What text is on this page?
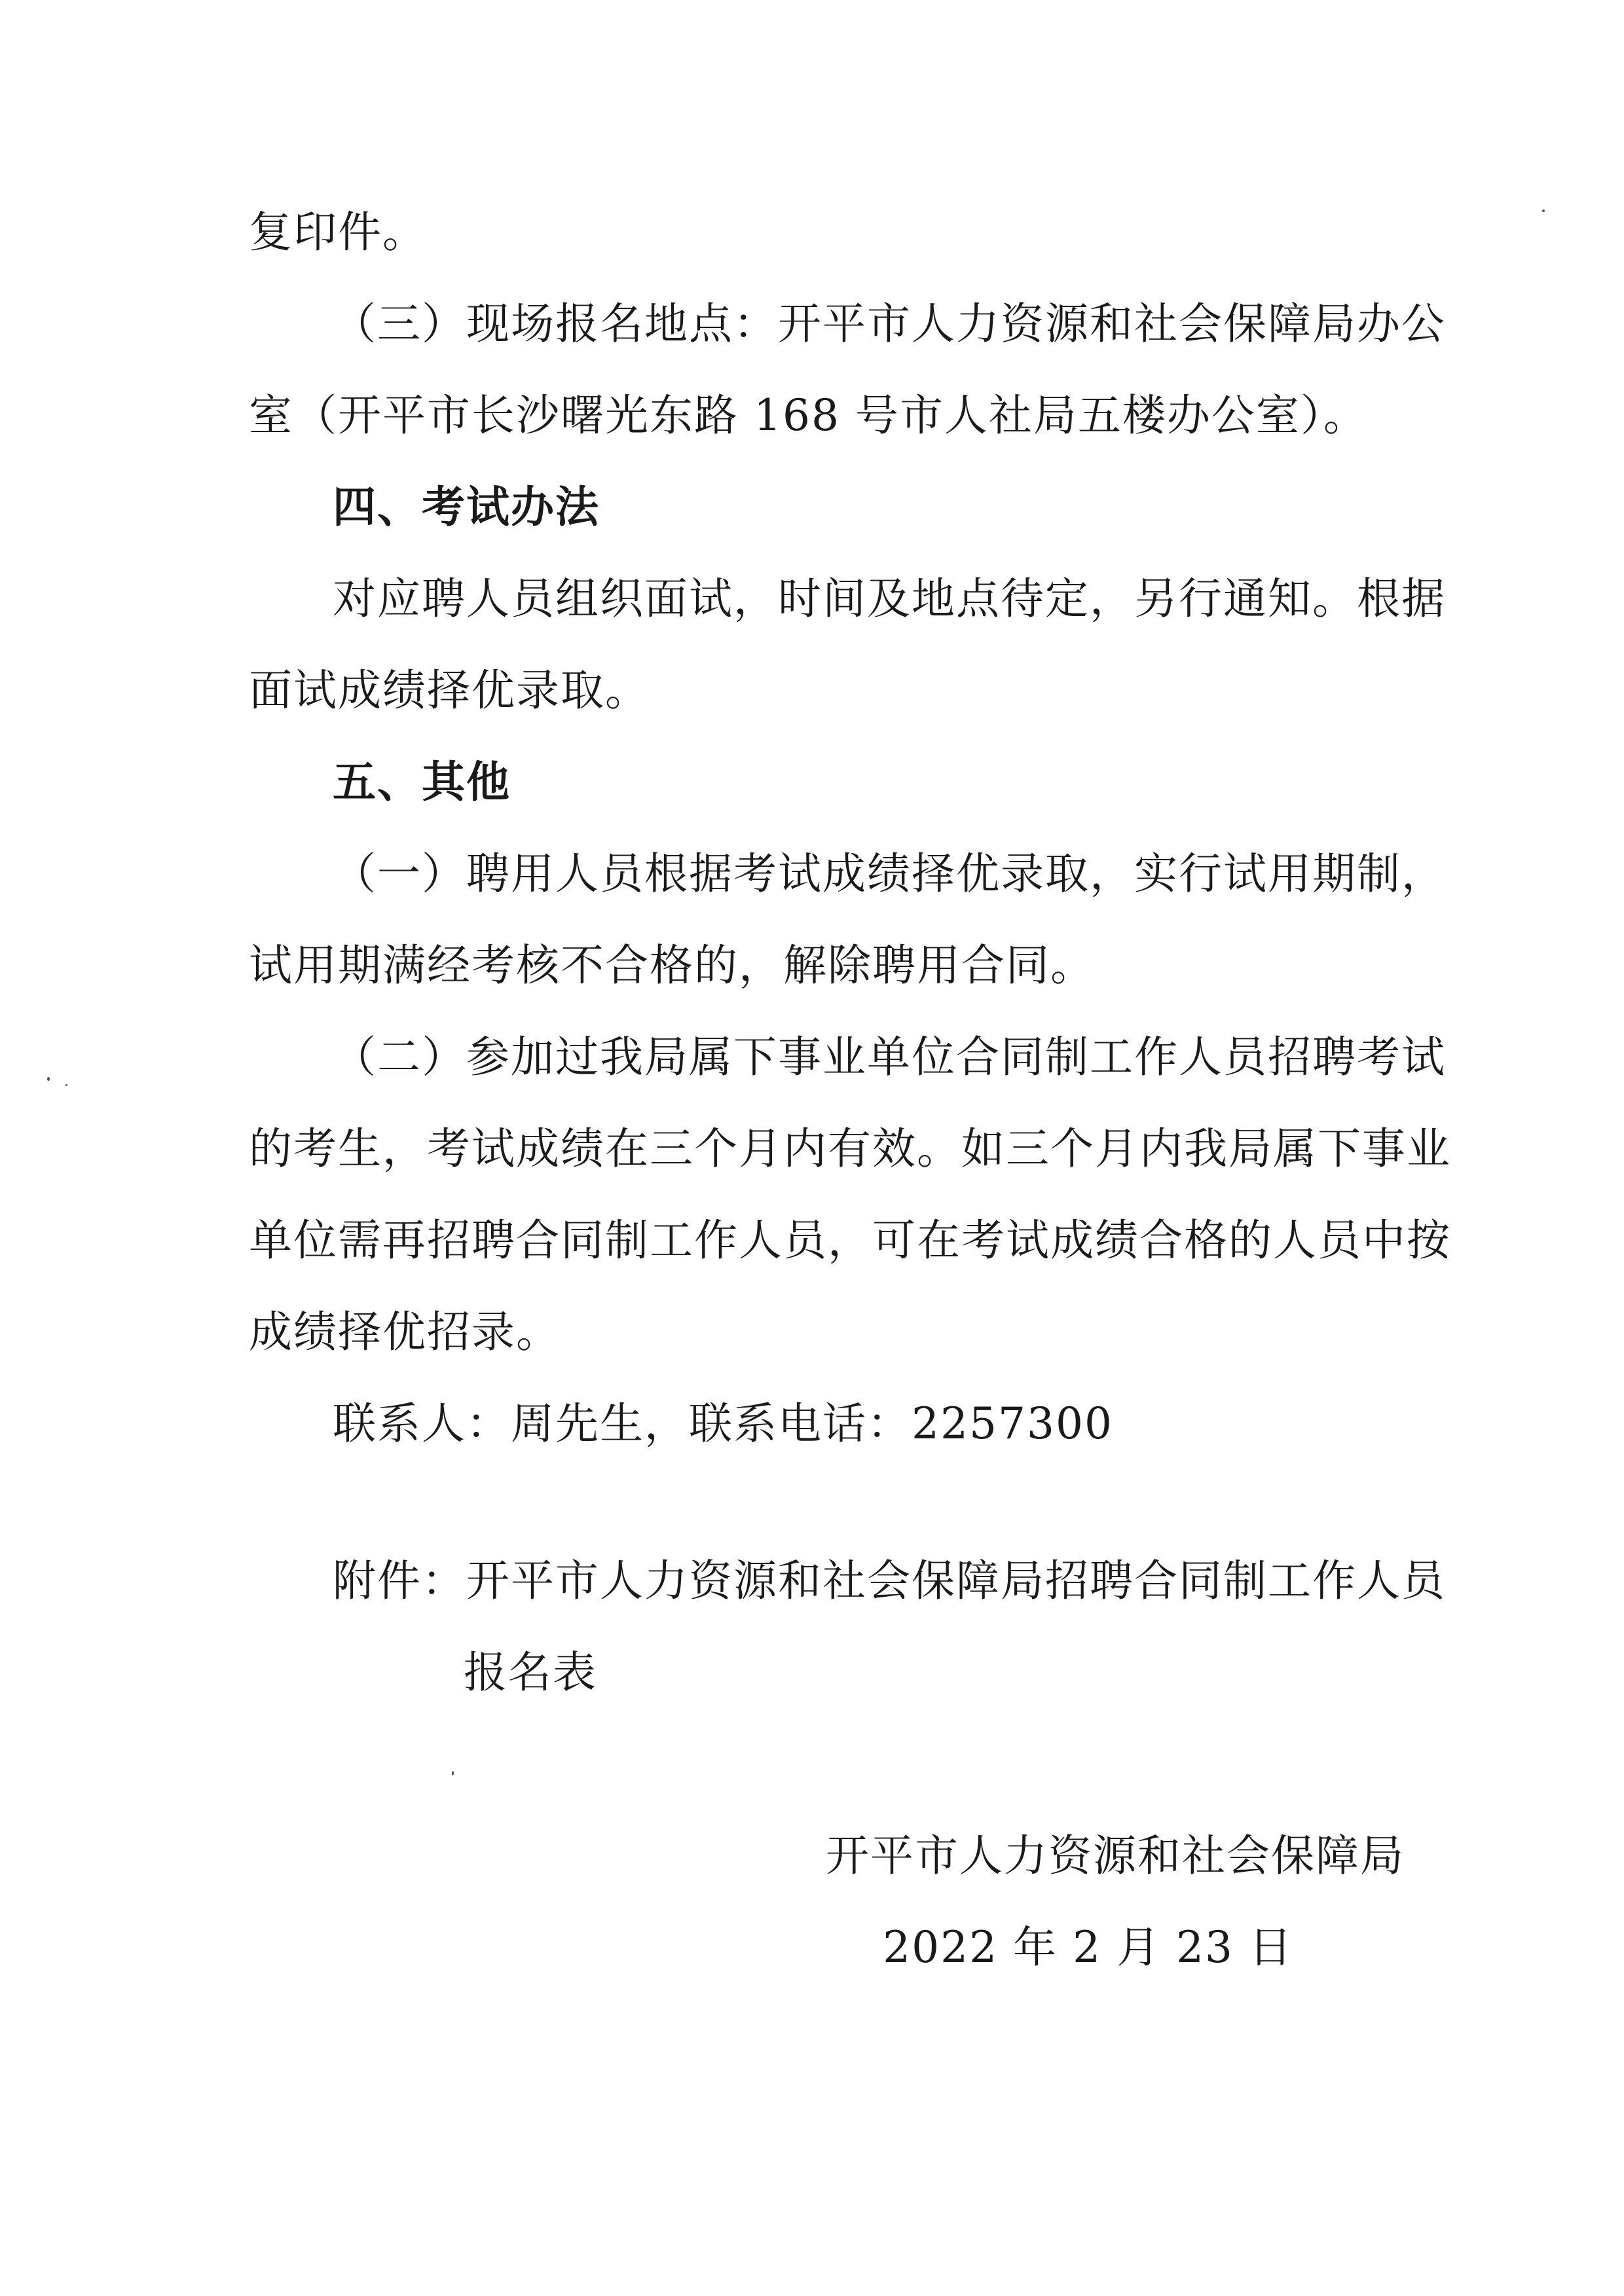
复印件。
（三）现场报名地点：开平市人力资源和社会保障局办公
室（开平市长沙曙光东路 168 号市人社局五楼办公室）。
四、考试办法
对应聘人员组织面试，时间及地点待定，另行通知。根据
面试成绩择优录取。
五、其他
（一）聘用人员根据考试成绩择优录取，实行试用期制，
试用期满经考核不合格的，解除聘用合同。
（二）参加过我局属下事业单位合同制工作人员招聘考试
的考生，考试成绩在三个月内有效。如三个月内我局属下事业
单位需再招聘合同制工作人员，可在考试成绩合格的人员中按
成绩择优招录。
联系人：周先生，联系电话：2257300
附件：开平市人力资源和社会保障局招聘合同制工作人员
报名表
开平市人力资源和社会保障局
2022 年 2 月 23 日
